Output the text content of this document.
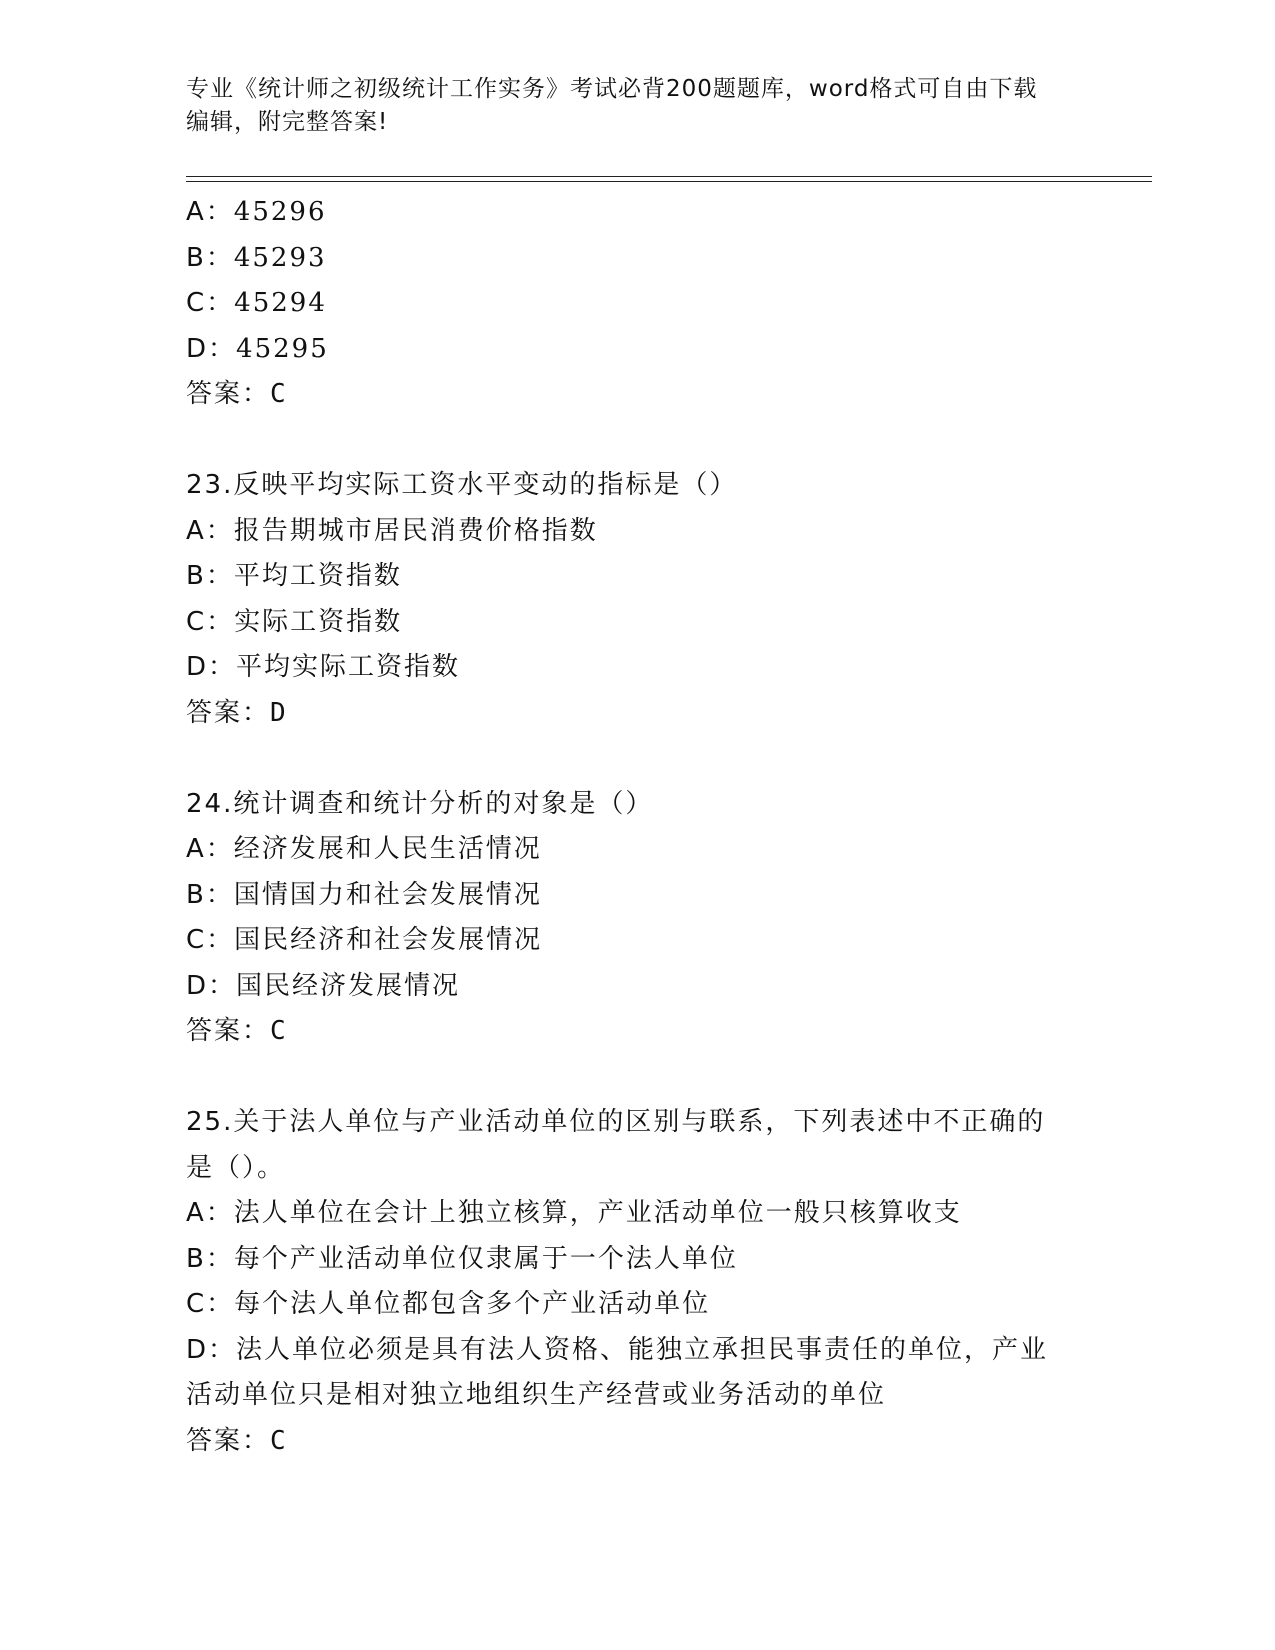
专业《统计师之初级统计工作实务》考试必背200题题库，word格式可自由下载
编辑，附完整答案!
A：45296
B：45293
C：45294
D：45295
答案：C
23.反映平均实际工资水平变动的指标是（）
A：报告期城市居民消费价格指数
B：平均工资指数
C：实际工资指数
D：平均实际工资指数
答案：D
24.统计调查和统计分析的对象是（）
A：经济发展和人民生活情况
B：国情国力和社会发展情况
C：国民经济和社会发展情况
D：国民经济发展情况
答案：C
25.关于法人单位与产业活动单位的区别与联系，下列表述中不正确的
是（）。
A：法人单位在会计上独立核算，产业活动单位一般只核算收支
B：每个产业活动单位仅隶属于一个法人单位
C：每个法人单位都包含多个产业活动单位
D：法人单位必须是具有法人资格、能独立承担民事责任的单位，产业
活动单位只是相对独立地组织生产经营或业务活动的单位
答案：C
